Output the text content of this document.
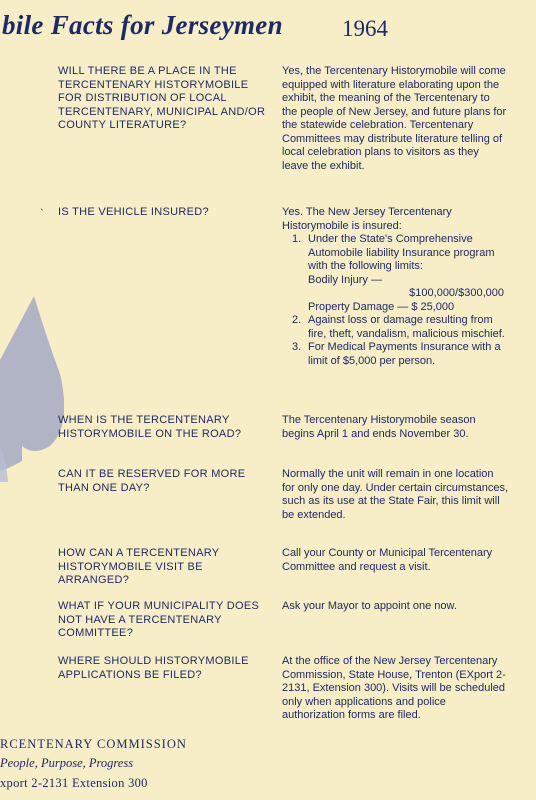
bile Facts for Jerseymen	1964
`
WILL THERE BE A PLACE IN THE TERCENTENARY HISTORYMOBILE FOR DISTRIBUTION OF LOCAL TERCENTENARY, MUNICIPAL AND/OR COUNTY LITERATURE?
Yes, the Tercentenary Historymobile will come equipped with literature elaborating upon the exhibit, the meaning of the Tercentenary to the people of New Jersey, and future plans for the statewide celebration. Tercentenary Committees may distribute literature telling of local celebration plans to visitors as they leave the exhibit.
IS THE VEHICLE INSURED?	Yes. The New Jersey Tercentenary Historymobile is insured:
1. Under the State's Comprehensive Automobile liability Insurance program with the following limits:
Bodily Injury —
$100,000/$300,000
Property Damage — $ 25,000
2. Against loss or damage resulting from fire, theft, vandalism, malicious mischief.
3. For Medical Payments Insurance with a limit of $5,000 per person.
WHEN IS THE TERCENTENARY HISTORYMOBILE ON THE ROAD?
The Tercentenary Historymobile season begins April 1 and ends November 30.
CAN IT BE RESERVED FOR MORE THAN ONE DAY?
Normally the unit will remain in one location for only one day. Under certain circumstances, such as its use at the State Fair, this limit will be extended.
HOW CAN A TERCENTENARY HISTORYMOBILE VISIT BE ARRANGED?
Call your County or Municipal Tercentenary Committee and request a visit.
WHAT IF YOUR MUNICIPALITY DOES NOT HAVE A TERCENTENARY COMMITTEE?
Ask your Mayor to appoint one now.
WHERE SHOULD HISTORYMOBILE APPLICATIONS BE FILED?
At the office of the New Jersey Tercentenary Commission, State House, Trenton (EXport 2-2131, Extension 300). Visits will be scheduled only when applications and police authorization forms are filed.
RCENTENARY COMMISSION
People, Purpose, Progress
xport 2-2131 Extension 300
